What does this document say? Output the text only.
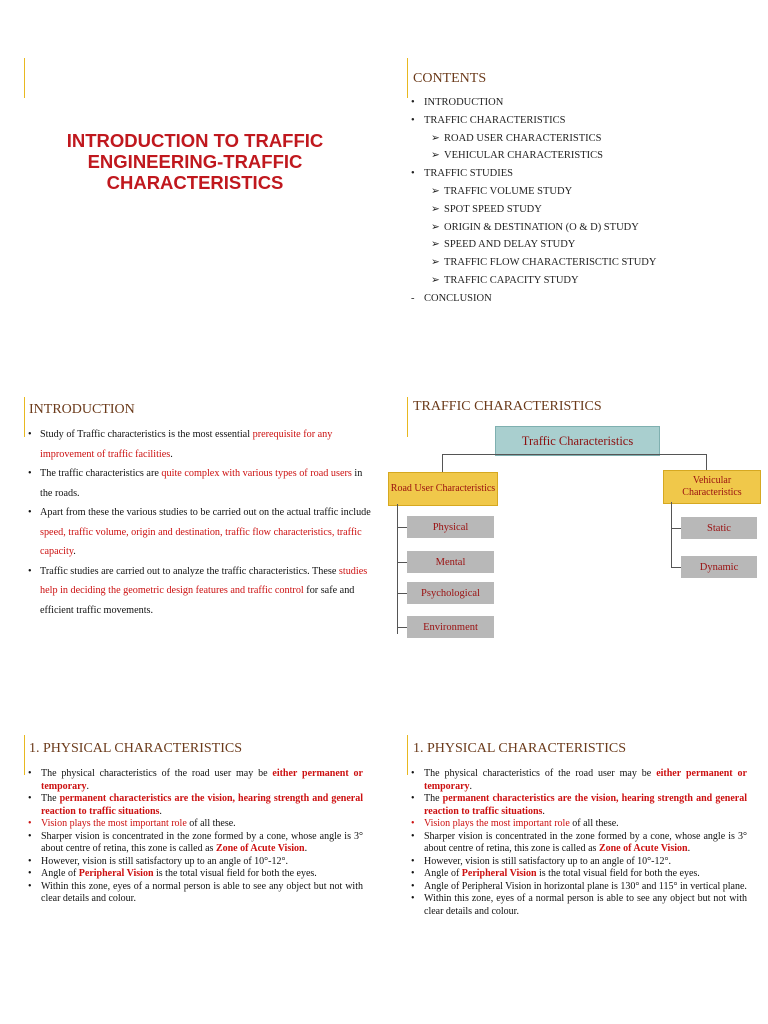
INTRODUCTION TO TRAFFIC ENGINEERING-TRAFFIC CHARACTERISTICS
CONTENTS
• INTRODUCTION
• TRAFFIC CHARACTERISTICS
➢ ROAD USER CHARACTERISTICS
➢ VEHICULAR CHARACTERISTICS
• TRAFFIC STUDIES
➢ TRAFFIC VOLUME STUDY
➢ SPOT SPEED STUDY
➢ ORIGIN & DESTINATION (O & D) STUDY
➢ SPEED AND DELAY STUDY
➢ TRAFFIC FLOW CHARACTERISCTIC STUDY
➢ TRAFFIC CAPACITY STUDY
- CONCLUSION
INTRODUCTION
• Study of Traffic characteristics is the most essential prerequisite for any improvement of traffic facilities.
• The traffic characteristics are quite complex with various types of road users in the roads.
• Apart from these the various studies to be carried out on the actual traffic include speed, traffic volume, origin and destination, traffic flow characteristics, traffic capacity.
• Traffic studies are carried out to analyze the traffic characteristics. These studies help in deciding the geometric design features and traffic control for safe and efficient traffic movements.
TRAFFIC CHARACTERISTICS
Traffic Characteristics
Road User Characteristics
Vehicular Characteristics
Physical
Mental
Psychological
Environment
Static
Dynamic
1. PHYSICAL CHARACTERISTICS
• The physical characteristics of the road user may be either permanent or temporary.
• The permanent characteristics are the vision, hearing strength and general reaction to traffic situations.
• Vision plays the most important role of all these.
• Sharper vision is concentrated in the zone formed by a cone, whose angle is 3° about centre of retina, this zone is called as Zone of Acute Vision.
• However, vision is still satisfactory up to an angle of 10°-12°.
• Angle of Peripheral Vision is the total visual field for both the eyes.
• Within this zone, eyes of a normal person is able to see any object but not with clear details and colour.
1. PHYSICAL CHARACTERISTICS
• The physical characteristics of the road user may be either permanent or temporary.
• The permanent characteristics are the vision, hearing strength and general reaction to traffic situations.
• Vision plays the most important role of all these.
• Sharper vision is concentrated in the zone formed by a cone, whose angle is 3° about centre of retina, this zone is called as Zone of Acute Vision.
• However, vision is still satisfactory up to an angle of 10°-12°.
• Angle of Peripheral Vision is the total visual field for both the eyes.
• Angle of Peripheral Vision in horizontal plane is 130° and 115° in vertical plane.
• Within this zone, eyes of a normal person is able to see any object but not with clear details and colour.
